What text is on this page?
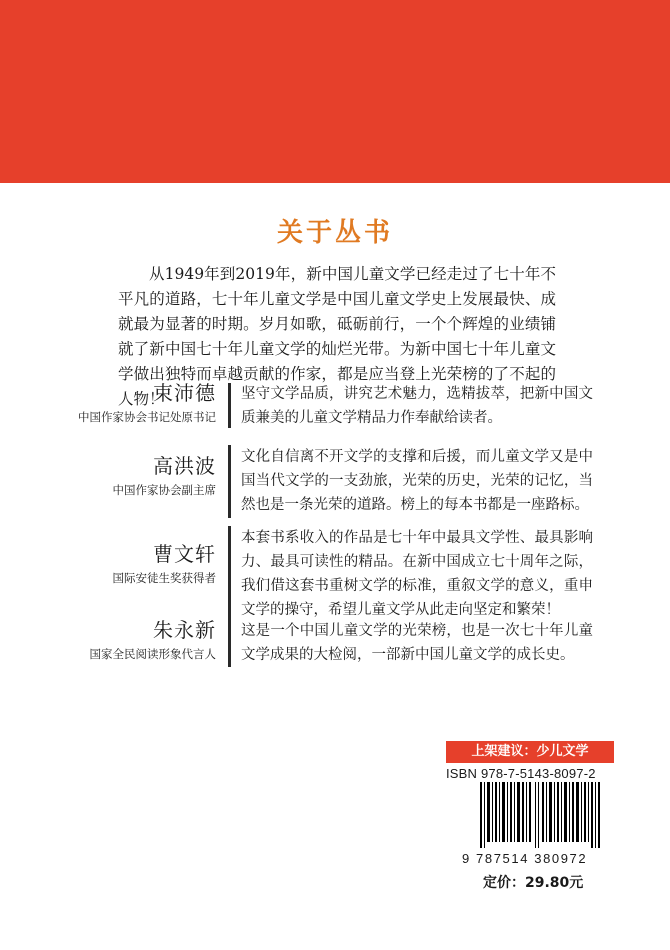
关于丛书
从1949年到2019年，新中国儿童文学已经走过了七十年不平凡的道路，七十年儿童文学是中国儿童文学史上发展最快、成就最为显著的时期。岁月如歌，砥砺前行，一个个辉煌的业绩铺就了新中国七十年儿童文学的灿烂光带。为新中国七十年儿童文学做出独特而卓越贡献的作家，都是应当登上光荣榜的了不起的人物！
束沛德
中国作家协会书记处原书记
坚守文学品质，讲究艺术魅力，选精拔萃，把新中国文质兼美的儿童文学精品力作奉献给读者。
高洪波
中国作家协会副主席
文化自信离不开文学的支撑和后援，而儿童文学又是中国当代文学的一支劲旅，光荣的历史，光荣的记忆，当然也是一条光荣的道路。榜上的每本书都是一座路标。
曹文轩
国际安徒生奖获得者
本套书系收入的作品是七十年中最具文学性、最具影响力、最具可读性的精品。在新中国成立七十周年之际，我们借这套书重树文学的标准，重叙文学的意义，重申文学的操守，希望儿童文学从此走向坚定和繁荣！
朱永新
国家全民阅读形象代言人
这是一个中国儿童文学的光荣榜，也是一次七十年儿童文学成果的大检阅，一部新中国儿童文学的成长史。
上架建议：少儿文学
ISBN 978-7-5143-8097-2
9 787514 380972
定价：29.80元
